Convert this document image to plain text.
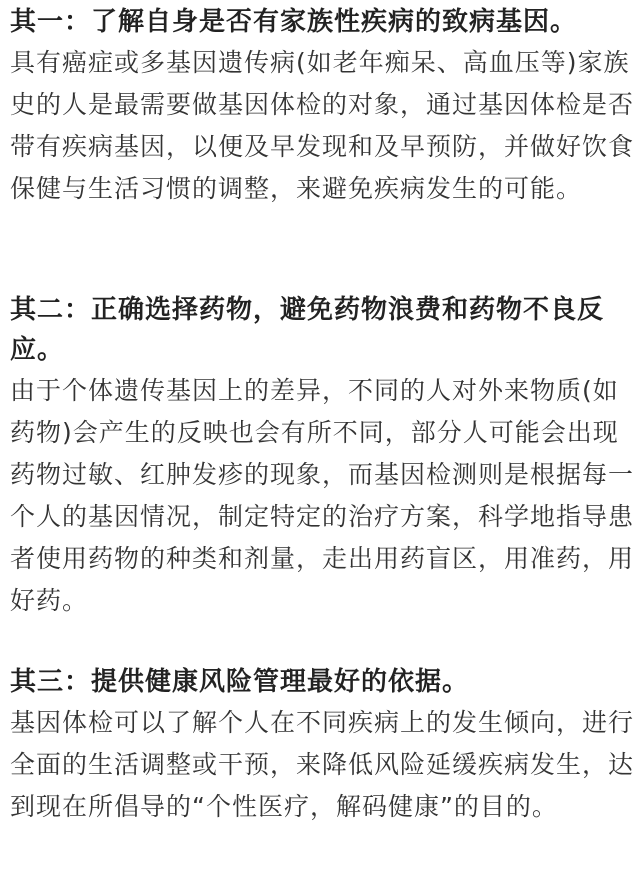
其一：了解自身是否有家族性疾病的致病基因。

具有癌症或多基因遗传病(如老年痴呆、高血压等)家族史的人是最需要做基因体检的对象，通过基因体检是否带有疾病基因，以便及早发现和及早预防，并做好饮食保健与生活习惯的调整，来避免疾病发生的可能。

其二：正确选择药物，避免药物浪费和药物不良反应。

由于个体遗传基因上的差异，不同的人对外来物质(如药物)会产生的反映也会有所不同，部分人可能会出现药物过敏、红肿发疹的现象，而基因检测则是根据每一个人的基因情况，制定特定的治疗方案，科学地指导患者使用药物的种类和剂量，走出用药盲区，用准药，用好药。

其三：提供健康风险管理最好的依据。

基因体检可以了解个人在不同疾病上的发生倾向，进行全面的生活调整或干预，来降低风险延缓疾病发生，达到现在所倡导的“个性医疗，解码健康”的目的。
